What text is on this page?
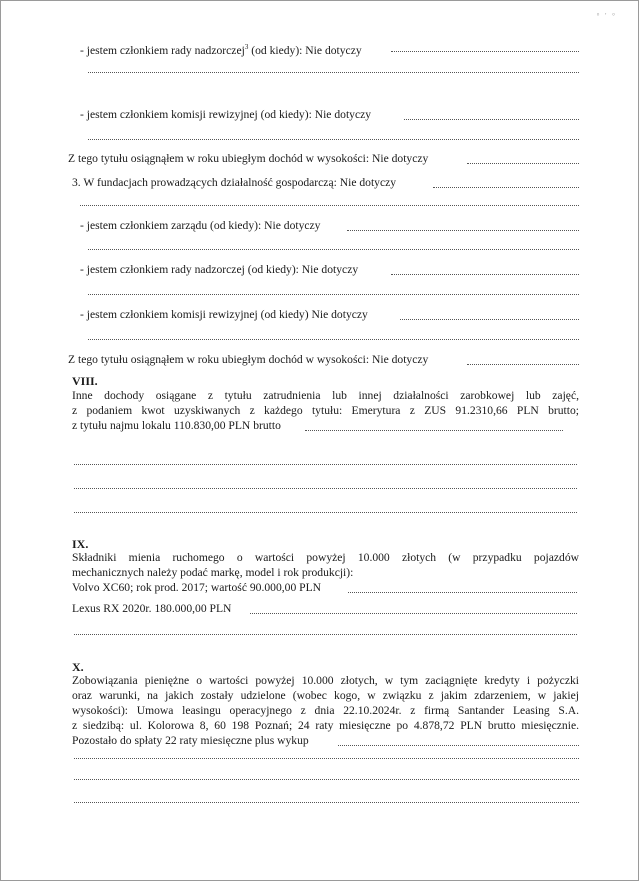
° ' °
- jestem członkiem rady nadzorczej$^3$ (od kiedy): Nie dotyczy
- jestem członkiem komisji rewizyjnej (od kiedy): Nie dotyczy
Z tego tytułu osiągnąłem w roku ubiegłym dochód w wysokości: Nie dotyczy
3. W fundacjach prowadzących działalność gospodarczą: Nie dotyczy
- jestem członkiem zarządu (od kiedy): Nie dotyczy
- jestem członkiem rady nadzorczej (od kiedy): Nie dotyczy
- jestem członkiem komisji rewizyjnej (od kiedy) Nie dotyczy
Z tego tytułu osiągnąłem w roku ubiegłym dochód w wysokości: Nie dotyczy
VIII.
Inne dochody osiągane z tytułu zatrudnienia lub innej działalności zarobkowej lub zajęć,
z podaniem kwot uzyskiwanych z każdego tytułu: Emerytura z ZUS 91.2310,66 PLN brutto;
z tytułu najmu lokalu 110.830,00 PLN brutto
IX.
Składniki mienia ruchomego o wartości powyżej 10.000 złotych (w przypadku pojazdów
mechanicznych należy podać markę, model i rok produkcji):
Volvo XC60; rok prod. 2017; wartość 90.000,00 PLN
Lexus RX 2020r. 180.000,00 PLN
X.
Zobowiązania pieniężne o wartości powyżej 10.000 złotych, w tym zaciągnięte kredyty i pożyczki
oraz warunki, na jakich zostały udzielone (wobec kogo, w związku z jakim zdarzeniem, w jakiej
wysokości): Umowa leasingu operacyjnego z dnia 22.10.2024r. z firmą Santander Leasing S.A.
z siedzibą: ul. Kolorowa 8, 60 198 Poznań; 24 raty miesięczne po 4.878,72 PLN brutto miesięcznie.
Pozostało do spłaty 22 raty miesięczne plus wykup
